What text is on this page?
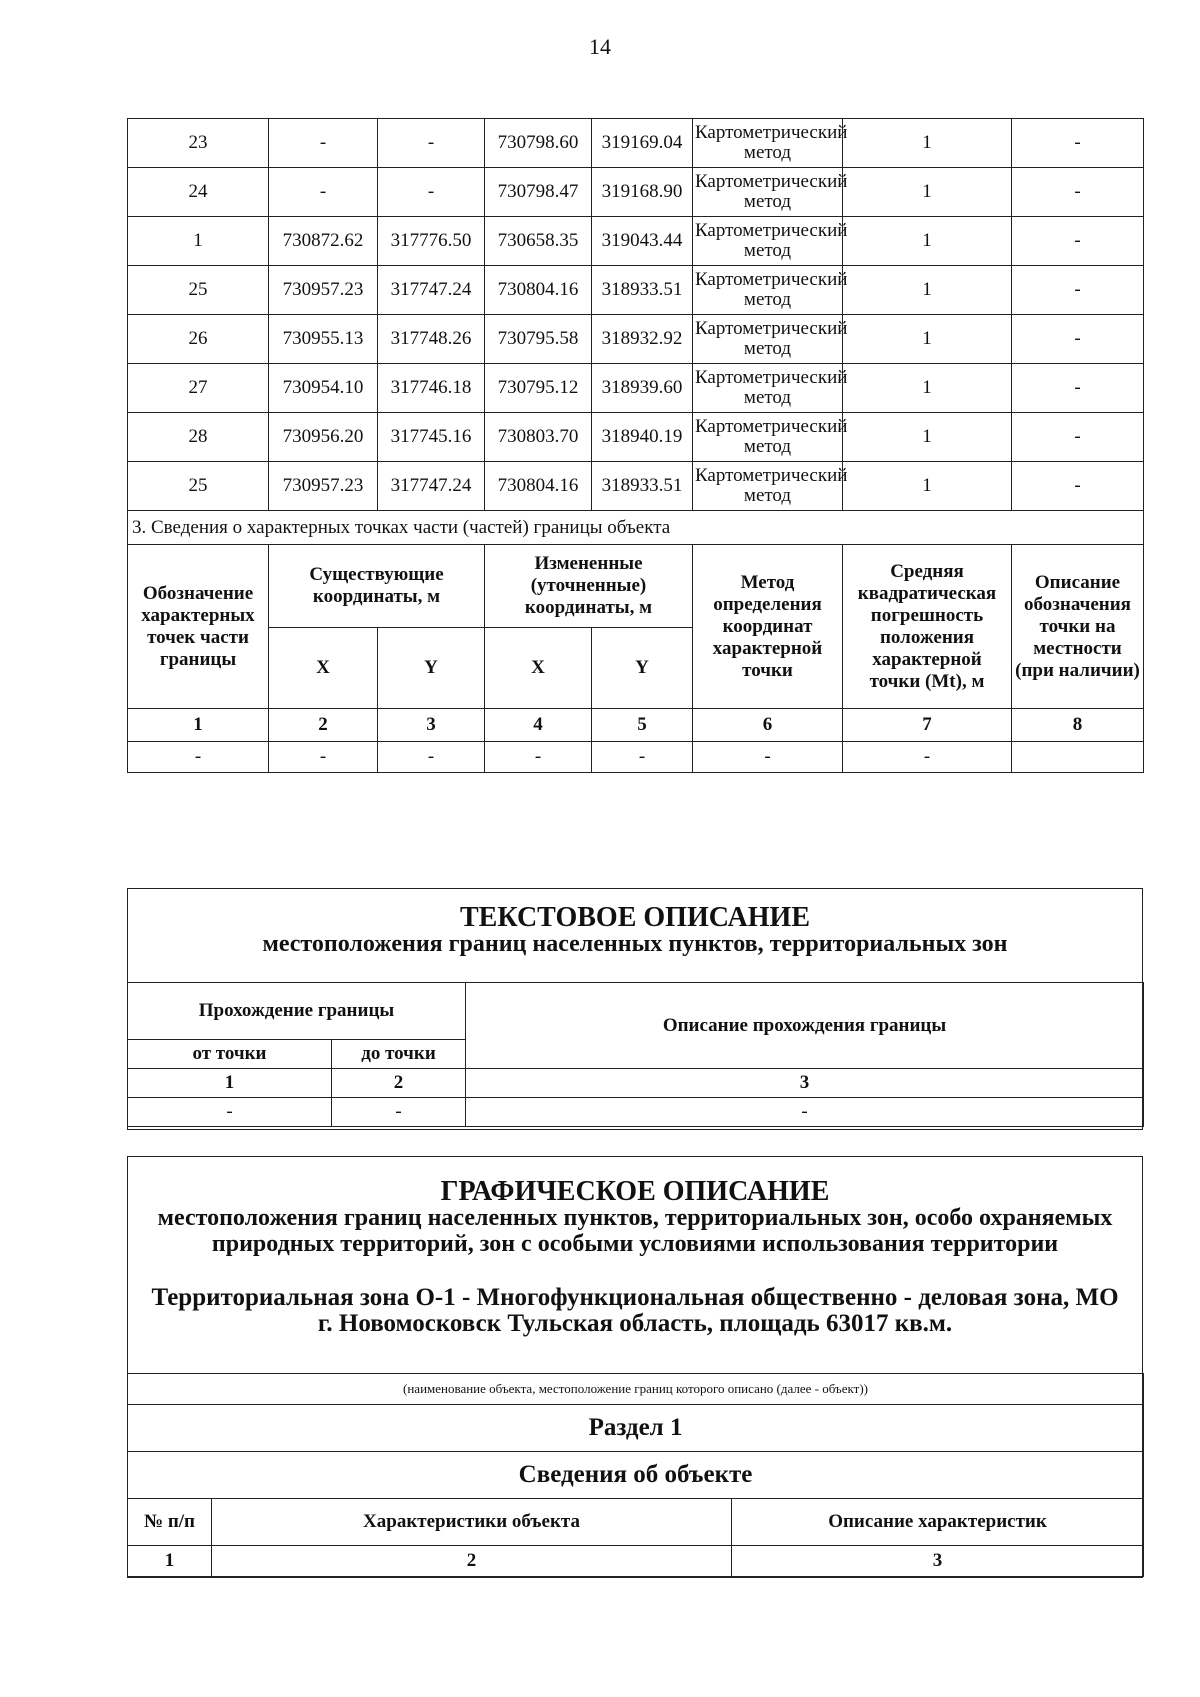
14
23	-	-	730798.60	319169.04	Картометрический метод	1	-
24	-	-	730798.47	319168.90	Картометрический метод	1	-
1	730872.62	317776.50	730658.35	319043.44	Картометрический метод	1	-
25	730957.23	317747.24	730804.16	318933.51	Картометрический метод	1	-
26	730955.13	317748.26	730795.58	318932.92	Картометрический метод	1	-
27	730954.10	317746.18	730795.12	318939.60	Картометрический метод	1	-
28	730956.20	317745.16	730803.70	318940.19	Картометрический метод	1	-
25	730957.23	317747.24	730804.16	318933.51	Картометрический метод	1	-
3. Сведения о характерных точках части (частей) границы объекта							
Обозначение характерных точек части границы	Существующие координаты, м		Измененные (уточненные) координаты, м		Метод определения координат характерной точки	Средняя квадратическая погрешность положения характерной точки (Mt), м	Описание обозначения точки на местности (при наличии)
	X	Y	X	Y			
1	2	3	4	5	6	7	8
-	-	-	-	-	-	-	
ТЕКСТОВОЕ ОПИСАНИЕ
местоположения границ населенных пунктов, территориальных зон
Прохождение границы		Описание прохождения границы
от точки	до точки	
1	2	3
-	-	-
ГРАФИЧЕСКОЕ ОПИСАНИЕ
местоположения границ населенных пунктов, территориальных зон, особо охраняемых природных территорий, зон с особыми условиями использования территории
Территориальная зона О-1 - Многофункциональная общественно - деловая зона, МО г. Новомосковск Тульская область, площадь 63017 кв.м.
(наименование объекта, местоположение границ которого описано (далее - объект))		
Раздел 1		
Сведения об объекте		
№ п/п	Характеристики объекта	Описание характеристик
1	2	3
